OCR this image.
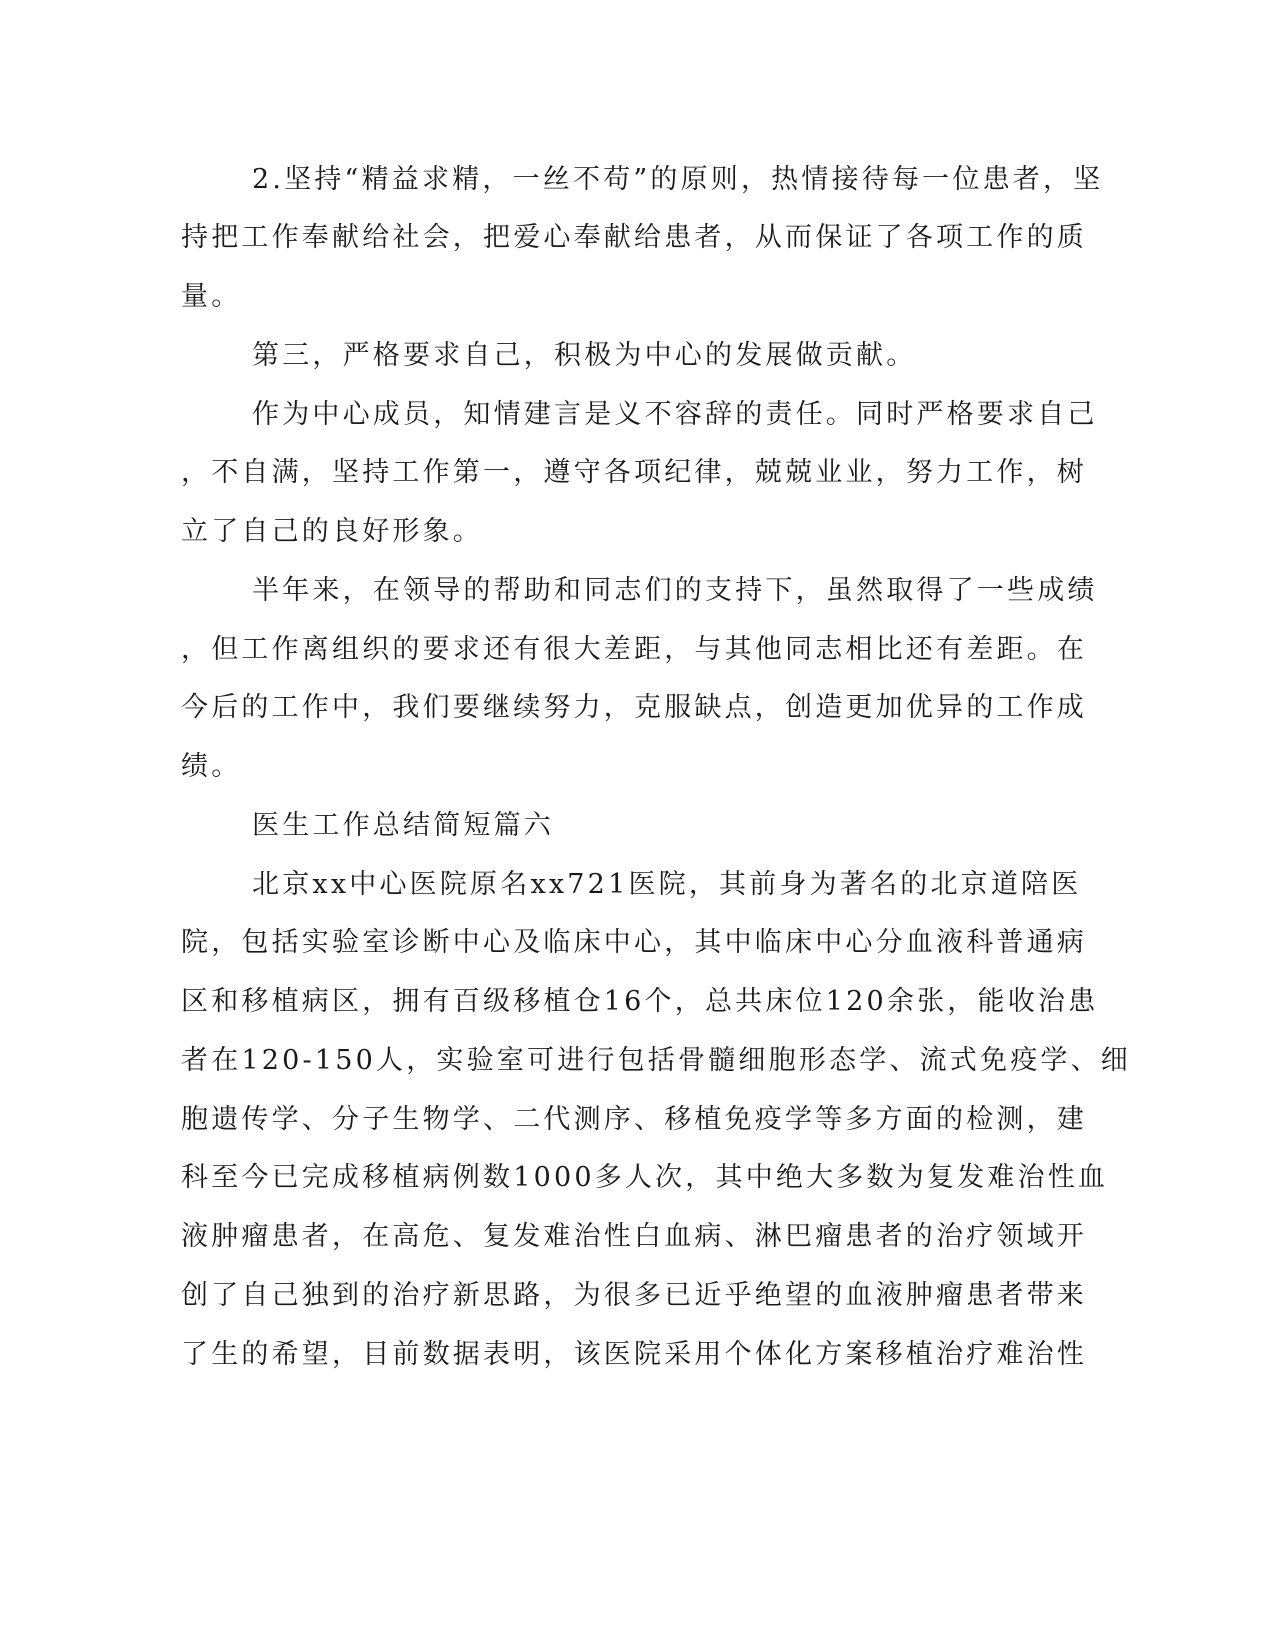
2.坚持“精益求精，一丝不苟”的原则，热情接待每一位患者，坚

持把工作奉献给社会，把爱心奉献给患者，从而保证了各项工作的质

量。

第三，严格要求自己，积极为中心的发展做贡献。

作为中心成员，知情建言是义不容辞的责任。同时严格要求自己

，不自满，坚持工作第一，遵守各项纪律，兢兢业业，努力工作，树

立了自己的良好形象。

半年来，在领导的帮助和同志们的支持下，虽然取得了一些成绩

，但工作离组织的要求还有很大差距，与其他同志相比还有差距。在

今后的工作中，我们要继续努力，克服缺点，创造更加优异的工作成

绩。

医生工作总结简短篇六

北京xx中心医院原名xx721医院，其前身为著名的北京道陪医

院，包括实验室诊断中心及临床中心，其中临床中心分血液科普通病

区和移植病区，拥有百级移植仓16个，总共床位120余张，能收治患

者在120-150人，实验室可进行包括骨髓细胞形态学、流式免疫学、细

胞遗传学、分子生物学、二代测序、移植免疫学等多方面的检测，建

科至今已完成移植病例数1000多人次，其中绝大多数为复发难治性血

液肿瘤患者，在高危、复发难治性白血病、淋巴瘤患者的治疗领域开

创了自己独到的治疗新思路，为很多已近乎绝望的血液肿瘤患者带来

了生的希望，目前数据表明，该医院采用个体化方案移植治疗难治性
